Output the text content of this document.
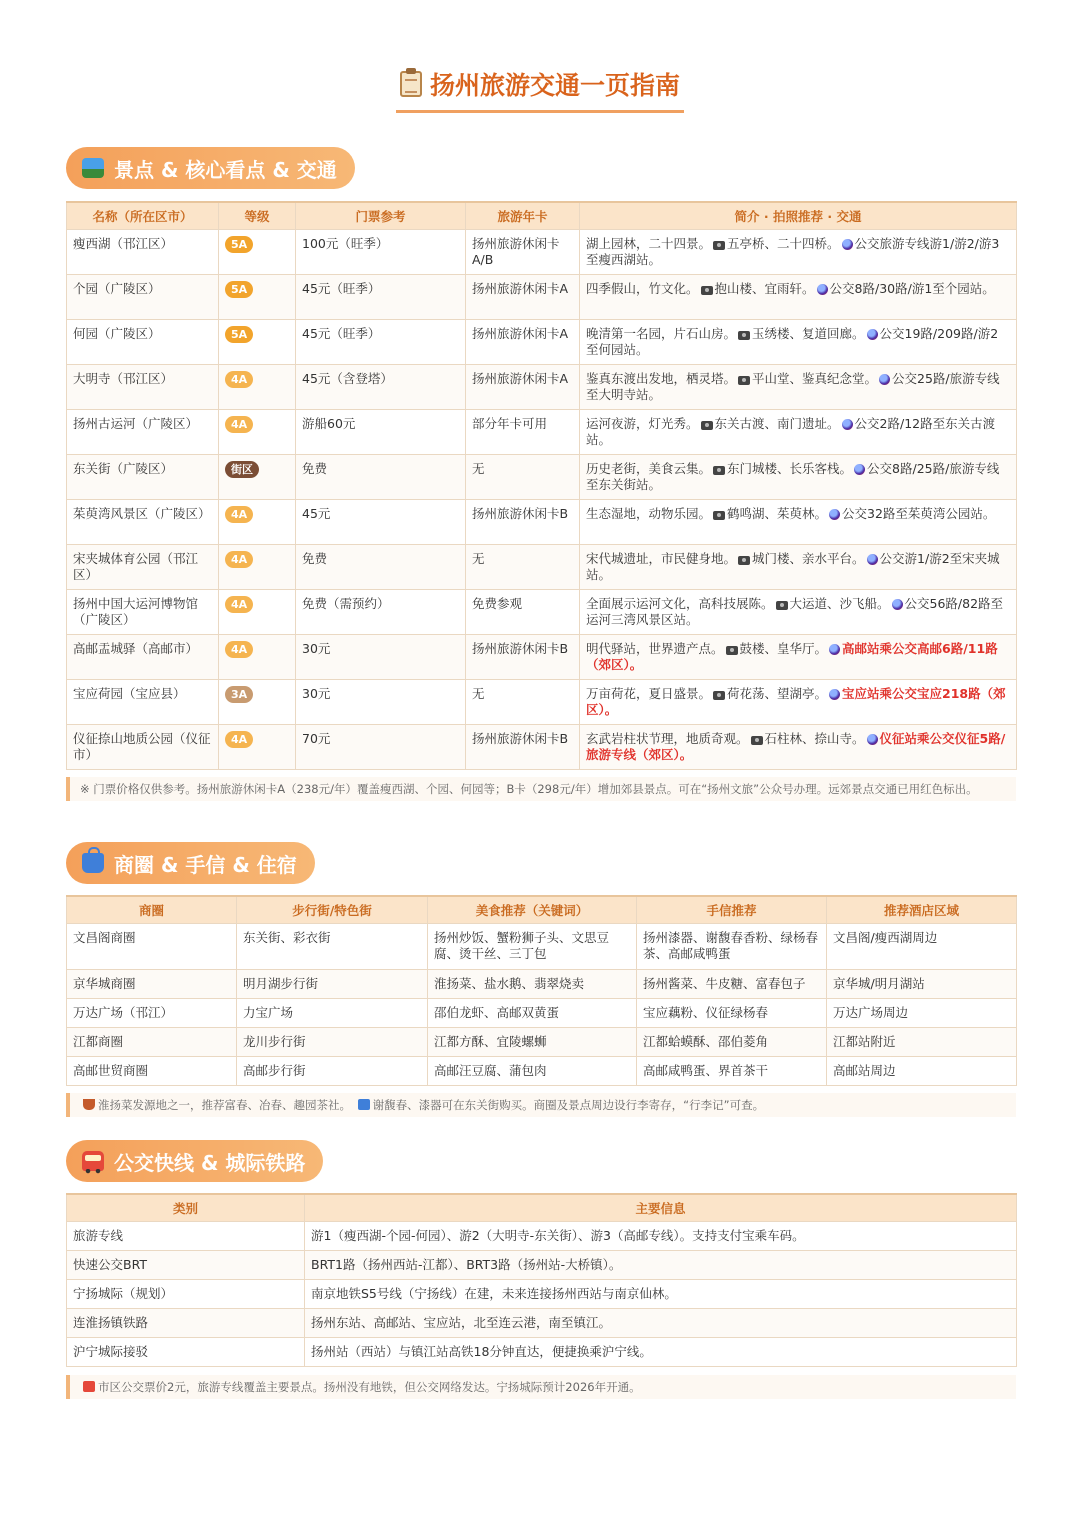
扬州旅游交通一页指南
景点 & 核心看点 & 交通
名称（所在区市）	等级	门票参考	旅游年卡	简介 · 拍照推荐 · 交通
瘦西湖（邗江区）	5A	100元（旺季）	扬州旅游休闲卡A/B	湖上园林，二十四景。 五亭桥、二十四桥。 公交旅游专线游1/游2/游3至瘦西湖站。
个园（广陵区）	5A	45元（旺季）	扬州旅游休闲卡A	四季假山，竹文化。 抱山楼、宜雨轩。 公交8路/30路/游1至个园站。
何园（广陵区）	5A	45元（旺季）	扬州旅游休闲卡A	晚清第一名园，片石山房。 玉绣楼、复道回廊。 公交19路/209路/游2至何园站。
大明寺（邗江区）	4A	45元（含登塔）	扬州旅游休闲卡A	鉴真东渡出发地，栖灵塔。 平山堂、鉴真纪念堂。 公交25路/旅游专线至大明寺站。
扬州古运河（广陵区）	4A	游船60元	部分年卡可用	运河夜游，灯光秀。 东关古渡、南门遗址。 公交2路/12路至东关古渡站。
东关街（广陵区）	街区	免费	无	历史老街，美食云集。 东门城楼、长乐客栈。 公交8路/25路/旅游专线至东关街站。
茱萸湾风景区（广陵区）	4A	45元	扬州旅游休闲卡B	生态湿地，动物乐园。 鹤鸣湖、茱萸林。 公交32路至茱萸湾公园站。
宋夹城体育公园（邗江区）	4A	免费	无	宋代城遗址，市民健身地。 城门楼、亲水平台。 公交游1/游2至宋夹城站。
扬州中国大运河博物馆（广陵区）	4A	免费（需预约）	免费参观	全面展示运河文化，高科技展陈。 大运道、沙飞船。 公交56路/82路至运河三湾风景区站。
高邮盂城驿（高邮市）	4A	30元	扬州旅游休闲卡B	明代驿站，世界遗产点。 鼓楼、皇华厅。 高邮站乘公交高邮6路/11路（郊区）。
宝应荷园（宝应县）	3A	30元	无	万亩荷花，夏日盛景。 荷花荡、望湖亭。 宝应站乘公交宝应218路（郊区）。
仪征捺山地质公园（仪征市）	4A	70元	扬州旅游休闲卡B	玄武岩柱状节理，地质奇观。 石柱林、捺山寺。 仪征站乘公交仪征5路/旅游专线（郊区）。
※ 门票价格仅供参考。扬州旅游休闲卡A（238元/年）覆盖瘦西湖、个园、何园等；B卡（298元/年）增加郊县景点。可在“扬州文旅”公众号办理。远郊景点交通已用红色标出。
商圈 & 手信 & 住宿
商圈	步行街/特色街	美食推荐（关键词）	手信推荐	推荐酒店区域
文昌阁商圈	东关街、彩衣街	扬州炒饭、蟹粉狮子头、文思豆腐、烫干丝、三丁包	扬州漆器、谢馥春香粉、绿杨春茶、高邮咸鸭蛋	文昌阁/瘦西湖周边
京华城商圈	明月湖步行街	淮扬菜、盐水鹅、翡翠烧卖	扬州酱菜、牛皮糖、富春包子	京华城/明月湖站
万达广场（邗江）	力宝广场	邵伯龙虾、高邮双黄蛋	宝应藕粉、仪征绿杨春	万达广场周边
江都商圈	龙川步行街	江都方酥、宜陵螺蛳	江都蛤蟆酥、邵伯菱角	江都站附近
高邮世贸商圈	高邮步行街	高邮汪豆腐、蒲包肉	高邮咸鸭蛋、界首茶干	高邮站周边
淮扬菜发源地之一，推荐富春、冶春、趣园茶社。 谢馥春、漆器可在东关街购买。商圈及景点周边设行李寄存，“行李记”可查。
公交快线 & 城际铁路
类别	主要信息
旅游专线	游1（瘦西湖-个园-何园）、游2（大明寺-东关街）、游3（高邮专线）。支持支付宝乘车码。
快速公交BRT	BRT1路（扬州西站-江都）、BRT3路（扬州站-大桥镇）。
宁扬城际（规划）	南京地铁S5号线（宁扬线）在建，未来连接扬州西站与南京仙林。
连淮扬镇铁路	扬州东站、高邮站、宝应站，北至连云港，南至镇江。
沪宁城际接驳	扬州站（西站）与镇江站高铁18分钟直达，便捷换乘沪宁线。
市区公交票价2元，旅游专线覆盖主要景点。扬州没有地铁，但公交网络发达。宁扬城际预计2026年开通。
